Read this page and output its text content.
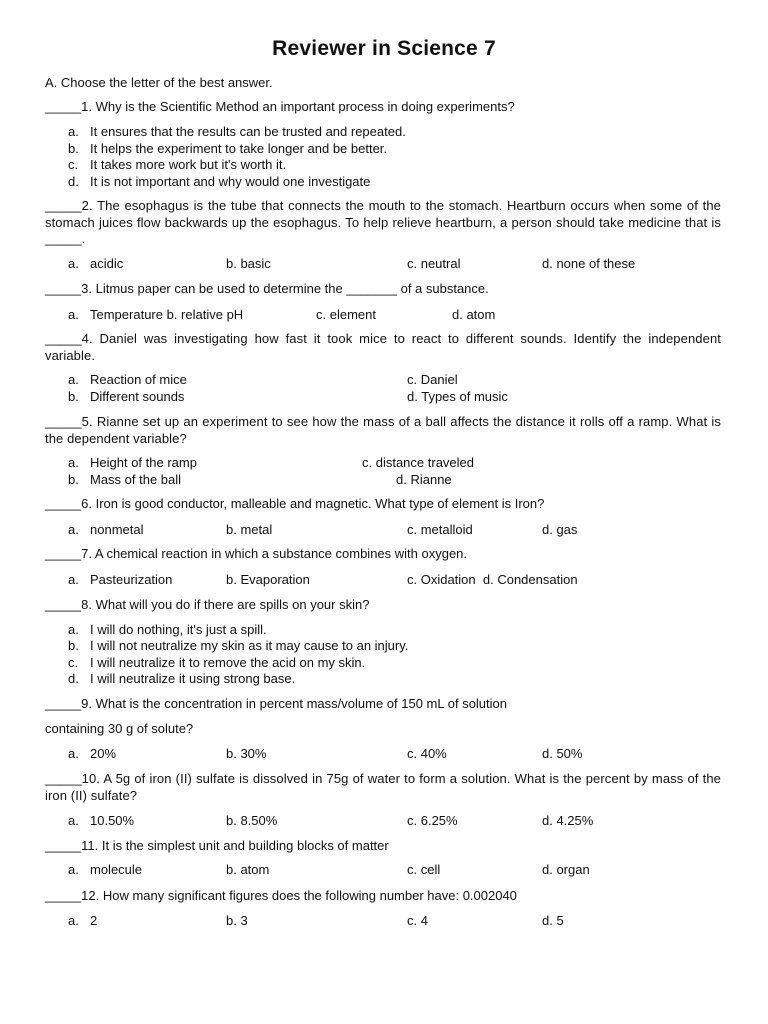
Reviewer in Science 7
A. Choose the letter of the best answer.
_____1. Why is the Scientific Method an important process in doing experiments?
a. It ensures that the results can be trusted and repeated.
b. It helps the experiment to take longer and be better.
c. It takes more work but it's worth it.
d. It is not important and why would one investigate
_____2. The esophagus is the tube that connects the mouth to the stomach. Heartburn occurs when some of the stomach juices flow backwards up the esophagus. To help relieve heartburn, a person should take medicine that is _____.
a. acidic	b. basic	c. neutral	d. none of these
_____3. Litmus paper can be used to determine the _______ of a substance.
a. Temperature b. relative pH	c. element	d. atom
_____4. Daniel was investigating how fast it took mice to react to different sounds. Identify the independent variable.
a. Reaction of mice	c. Daniel
b. Different sounds	d. Types of music
_____5. Rianne set up an experiment to see how the mass of a ball affects the distance it rolls off a ramp. What is the dependent variable?
a. Height of the ramp	c. distance traveled
b. Mass of the ball	d. Rianne
_____6. Iron is good conductor, malleable and magnetic. What type of element is Iron?
a. nonmetal	b. metal	c. metalloid	d. gas
_____7. A chemical reaction in which a substance combines with oxygen.
a. Pasteurization	b. Evaporation	c. Oxidation  d. Condensation
_____8. What will you do if there are spills on your skin?
a. I will do nothing, it's just a spill.
b. I will not neutralize my skin as it may cause to an injury.
c. I will neutralize it to remove the acid on my skin.
d. I will neutralize it using strong base.
_____9. What is the concentration in percent mass/volume of 150 mL of solution
containing 30 g of solute?
a. 20%	b. 30%	c. 40%	d. 50%
_____10. A 5g of iron (II) sulfate is dissolved in 75g of water to form a solution. What is the percent by mass of the iron (II) sulfate?
a. 10.50%	b. 8.50%	c. 6.25%	d. 4.25%
_____11. It is the simplest unit and building blocks of matter
a. molecule	b. atom	c. cell	d. organ
_____12. How many significant figures does the following number have: 0.002040
a. 2	b. 3	c. 4	d. 5
